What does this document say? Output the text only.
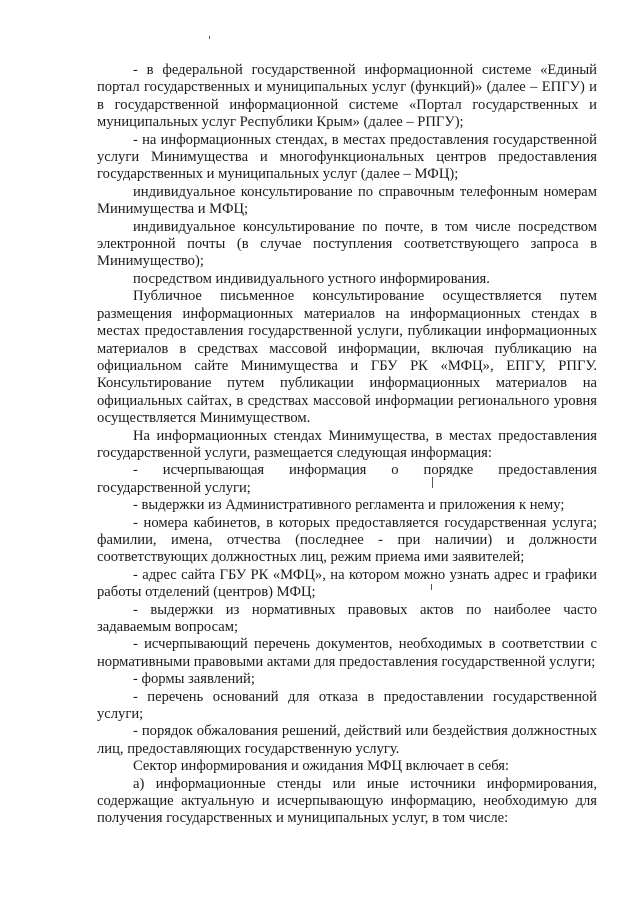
- в федеральной государственной информационной системе «Единый портал государственных и муниципальных услуг (функций)» (далее – ЕПГУ) и в государственной информационной системе «Портал государственных и муниципальных услуг Республики Крым» (далее – РПГУ);

- на информационных стендах, в местах предоставления государственной услуги Минимущества и многофункциональных центров предоставления государственных и муниципальных услуг (далее – МФЦ);

индивидуальное консультирование по справочным телефонным номерам Минимущества и МФЦ;

индивидуальное консультирование по почте, в том числе посредством электронной почты (в случае поступления соответствующего запроса в Минимущество);

посредством индивидуального устного информирования.

Публичное письменное консультирование осуществляется путем размещения информационных материалов на информационных стендах в местах предоставления государственной услуги, публикации информационных материалов в средствах массовой информации, включая публикацию на официальном сайте Минимущества и ГБУ РК «МФЦ», ЕПГУ, РПГУ. Консультирование путем публикации информационных материалов на официальных сайтах, в средствах массовой информации регионального уровня осуществляется Минимуществом.

На информационных стендах Минимущества, в местах предоставления государственной услуги, размещается следующая информация:

- исчерпывающая информация о порядке предоставления государственной услуги;

- выдержки из Административного регламента и приложения к нему;

- номера кабинетов, в которых предоставляется государственная услуга; фамилии, имена, отчества (последнее - при наличии) и должности соответствующих должностных лиц, режим приема ими заявителей;

- адрес сайта ГБУ РК «МФЦ», на котором можно узнать адрес и графики работы отделений (центров) МФЦ;

- выдержки из нормативных правовых актов по наиболее часто задаваемым вопросам;

- исчерпывающий перечень документов, необходимых в соответствии с нормативными правовыми актами для предоставления государственной услуги;

- формы заявлений;

- перечень оснований для отказа в предоставлении государственной услуги;

- порядок обжалования решений, действий или бездействия должностных лиц, предоставляющих государственную услугу.

Сектор информирования и ожидания МФЦ включает в себя:

а) информационные стенды или иные источники информирования, содержащие актуальную и исчерпывающую информацию, необходимую для получения государственных и муниципальных услуг, в том числе:
